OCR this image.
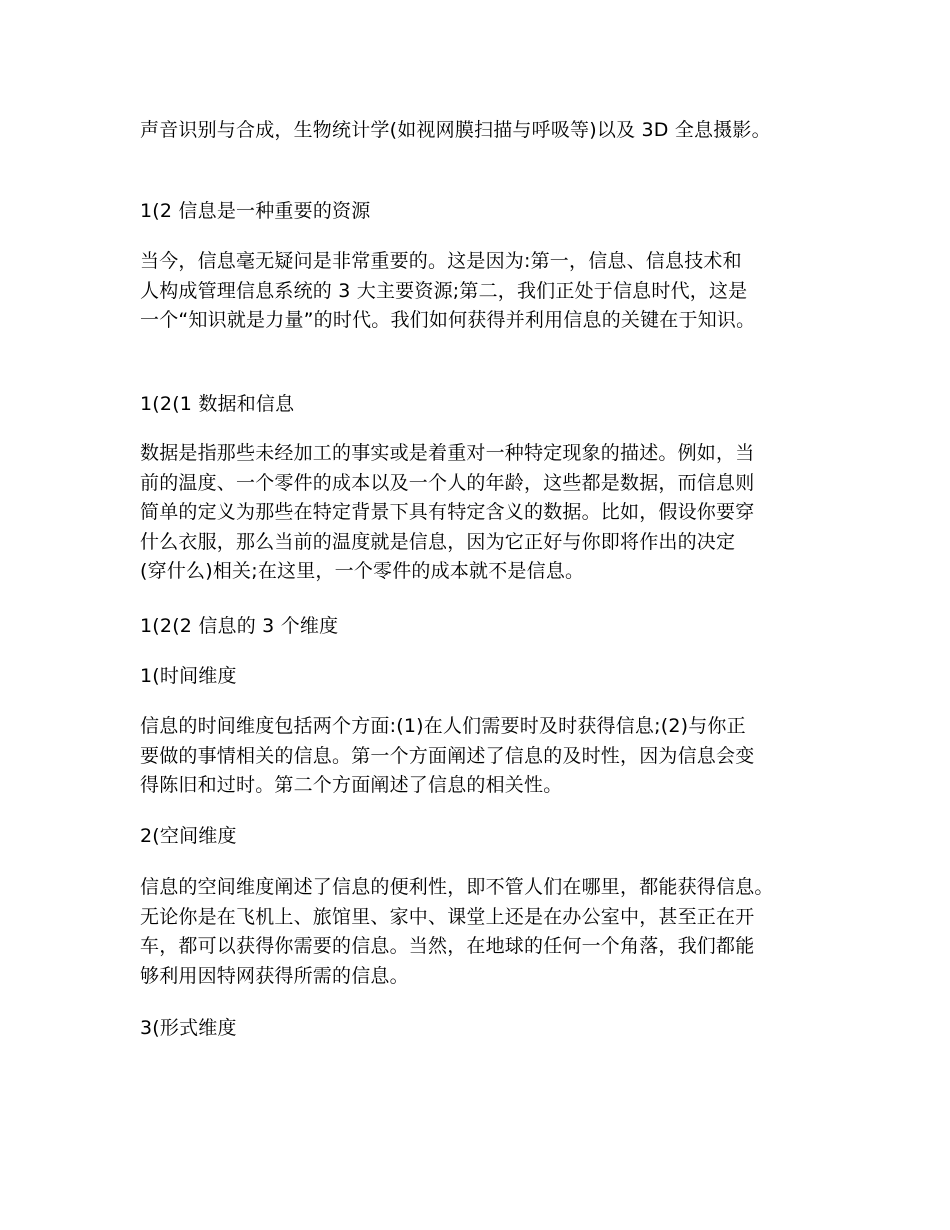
声音识别与合成，生物统计学(如视网膜扫描与呼吸等)以及 3D 全息摄影。

1(2 信息是一种重要的资源

当今，信息毫无疑问是非常重要的。这是因为:第一，信息、信息技术和
人构成管理信息系统的 3 大主要资源;第二，我们正处于信息时代，这是
一个“知识就是力量”的时代。我们如何获得并利用信息的关键在于知识。

1(2(1 数据和信息

数据是指那些未经加工的事实或是着重对一种特定现象的描述。例如，当
前的温度、一个零件的成本以及一个人的年龄，这些都是数据，而信息则
简单的定义为那些在特定背景下具有特定含义的数据。比如，假设你要穿
什么衣服，那么当前的温度就是信息，因为它正好与你即将作出的决定
(穿什么)相关;在这里，一个零件的成本就不是信息。

1(2(2 信息的 3 个维度

1(时间维度

信息的时间维度包括两个方面:(1)在人们需要时及时获得信息;(2)与你正
要做的事情相关的信息。第一个方面阐述了信息的及时性，因为信息会变
得陈旧和过时。第二个方面阐述了信息的相关性。

2(空间维度

信息的空间维度阐述了信息的便利性，即不管人们在哪里，都能获得信息。
无论你是在飞机上、旅馆里、家中、课堂上还是在办公室中，甚至正在开
车，都可以获得你需要的信息。当然，在地球的任何一个角落，我们都能
够利用因特网获得所需的信息。

3(形式维度
